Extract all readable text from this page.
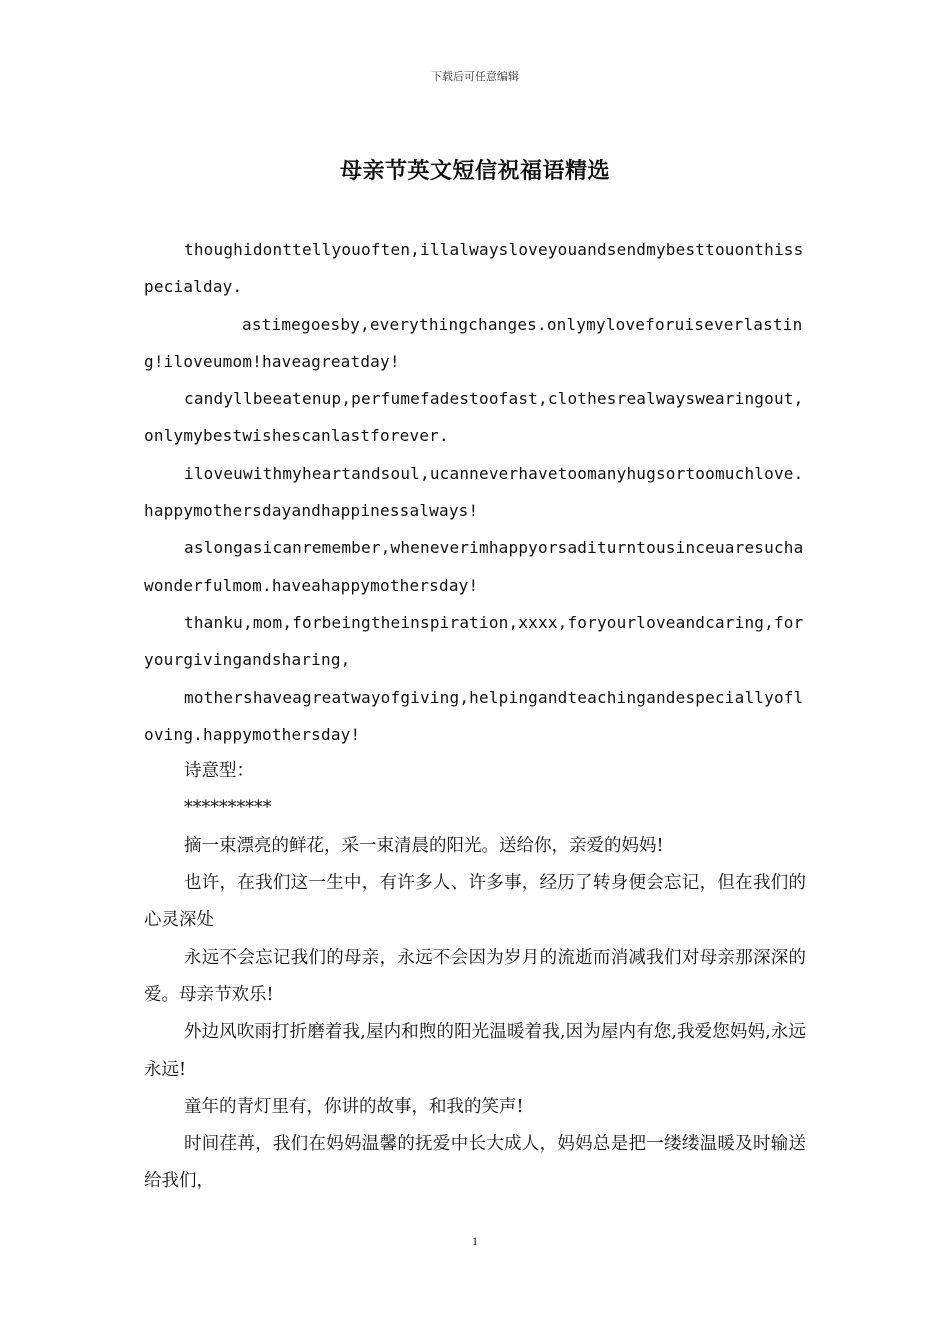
下载后可任意编辑
母亲节英文短信祝福语精选

thoughidonttellyouoften,illalwaysloveyouandsendmybesttouonthisspecialday.

astimegoesby,everythingchanges.onlymyloveforuiseverlasting!iloveumom!haveagreatday!

candyllbeeatenup,perfumefadestoofast,clothesrealwayswearingout,onlymybestwishescanlastforever.

iloveuwithmyheartandsoul,ucanneverhavetoomanyhugsortoomuchlove.happymothersdayandhappinessalways!

aslongasicanremember,wheneverimhappyorsaditurntousinceuaresuchawonderfulmom.haveahappymothersday!

thanku,mom,forbeingtheinspiration,xxxx,foryourloveandcaring,foryourgivingandsharing,

mothershaveagreatwayofgiving,helpingandteachingandespeciallyofloving.happymothersday!

诗意型：

**********

摘一束漂亮的鲜花，采一束清晨的阳光。送给你，亲爱的妈妈!

也许，在我们这一生中，有许多人、许多事，经历了转身便会忘记，但在我们的心灵深处

永远不会忘记我们的母亲，永远不会因为岁月的流逝而消减我们对母亲那深深的爱。母亲节欢乐!

外边风吹雨打折磨着我,屋内和煦的阳光温暖着我,因为屋内有您,我爱您妈妈,永远永远!

童年的青灯里有，你讲的故事，和我的笑声!

时间荏苒，我们在妈妈温馨的抚爱中长大成人，妈妈总是把一缕缕温暖及时输送给我们，

1
